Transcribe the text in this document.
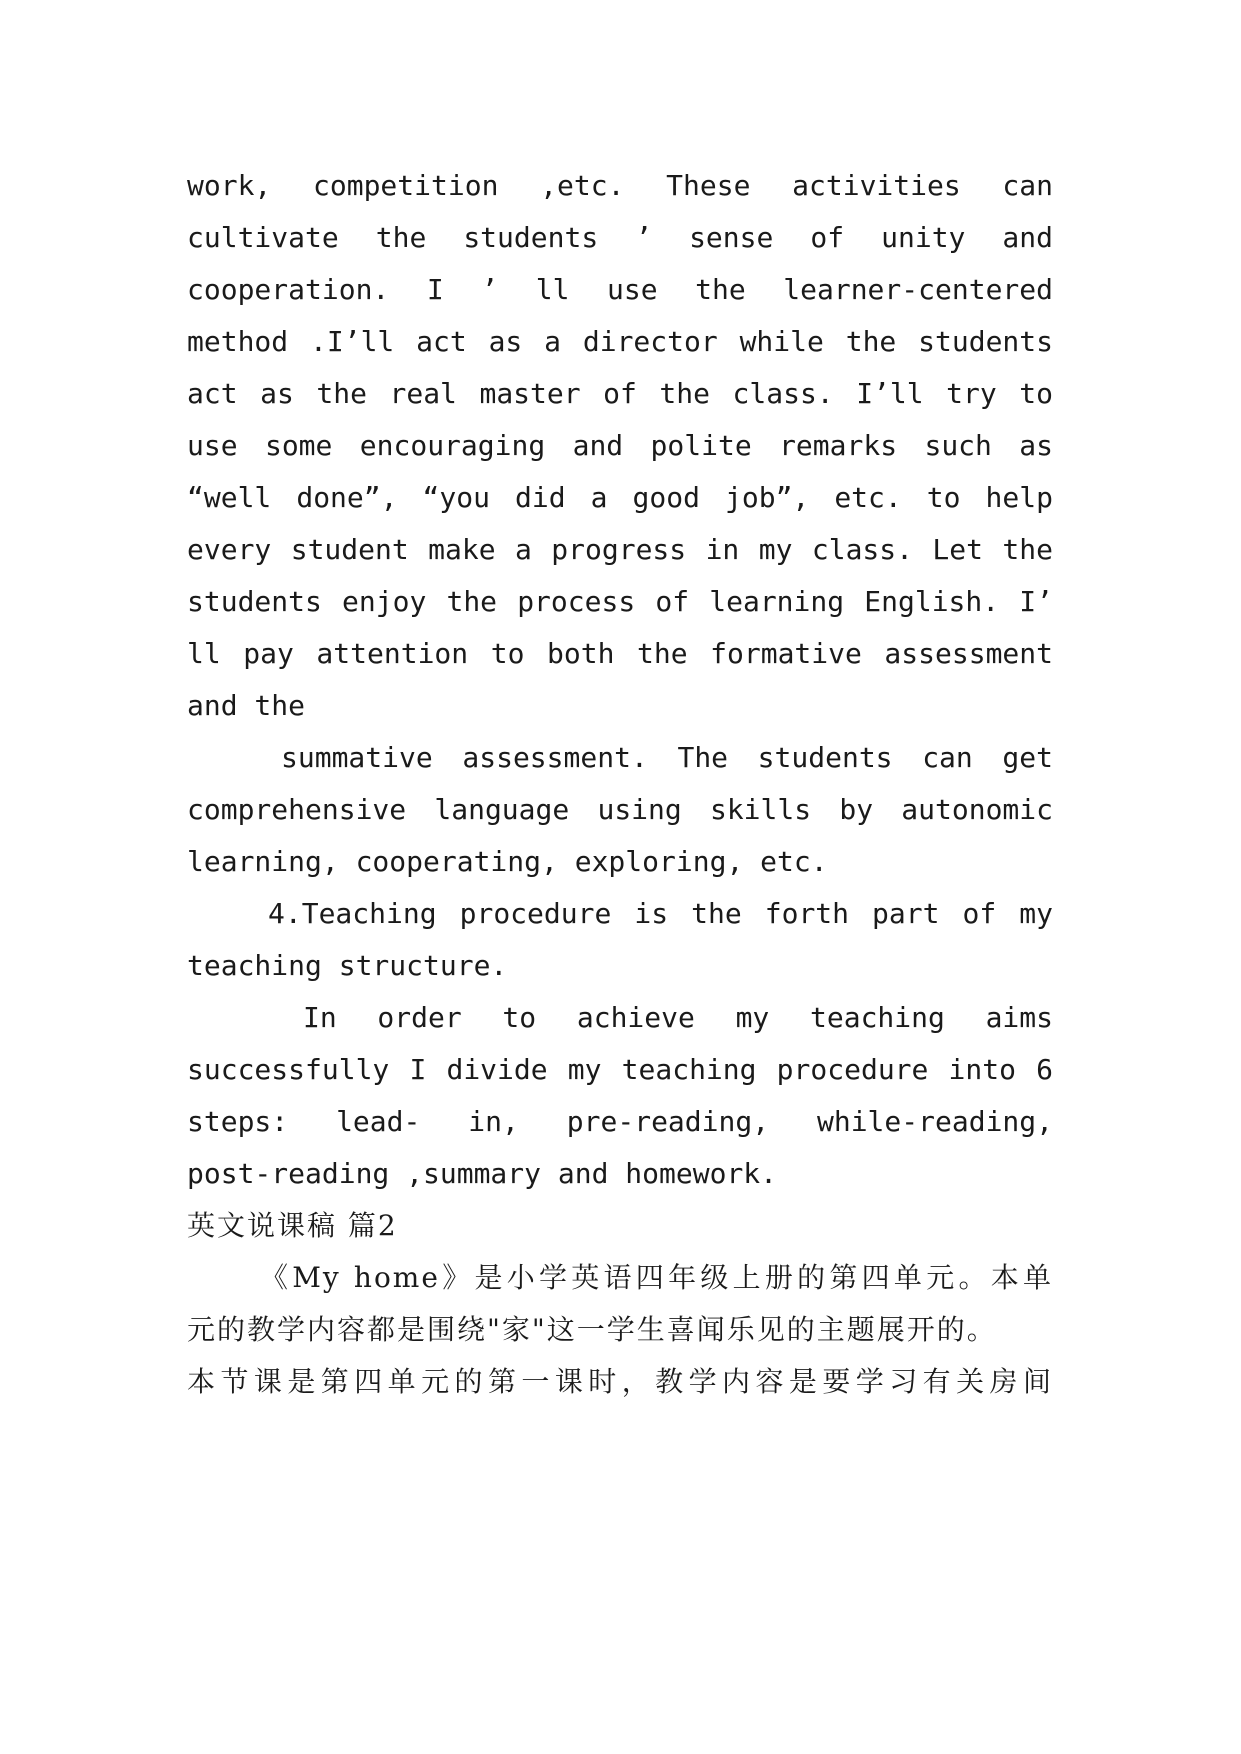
work, competition ,etc. These activities can
cultivate the students ’ sense of unity and
cooperation. I ’ ll use the learner-centered
method .I’ll act as a director while the students
act as the real master of the class. I’ll try to
use some encouraging and polite remarks such as
“well done”, “you did a good job”, etc. to help
every student make a progress in my class. Let the
students enjoy the process of learning English. I’
ll pay attention to both the formative assessment
and the
summative assessment. The students can get
comprehensive language using skills by autonomic
learning, cooperating, exploring, etc.
4.Teaching procedure is the forth part of my
teaching structure.
In order to achieve my teaching aims
successfully I divide my teaching procedure into 6
steps: lead- in, pre-reading, while-reading,
post-reading ,summary and homework.
英文说课稿 篇2
《My home》是小学英语四年级上册的第四单元。本单
元的教学内容都是围绕"家"这一学生喜闻乐见的主题展开的。
本节课是第四单元的第一课时，教学内容是要学习有关房间
